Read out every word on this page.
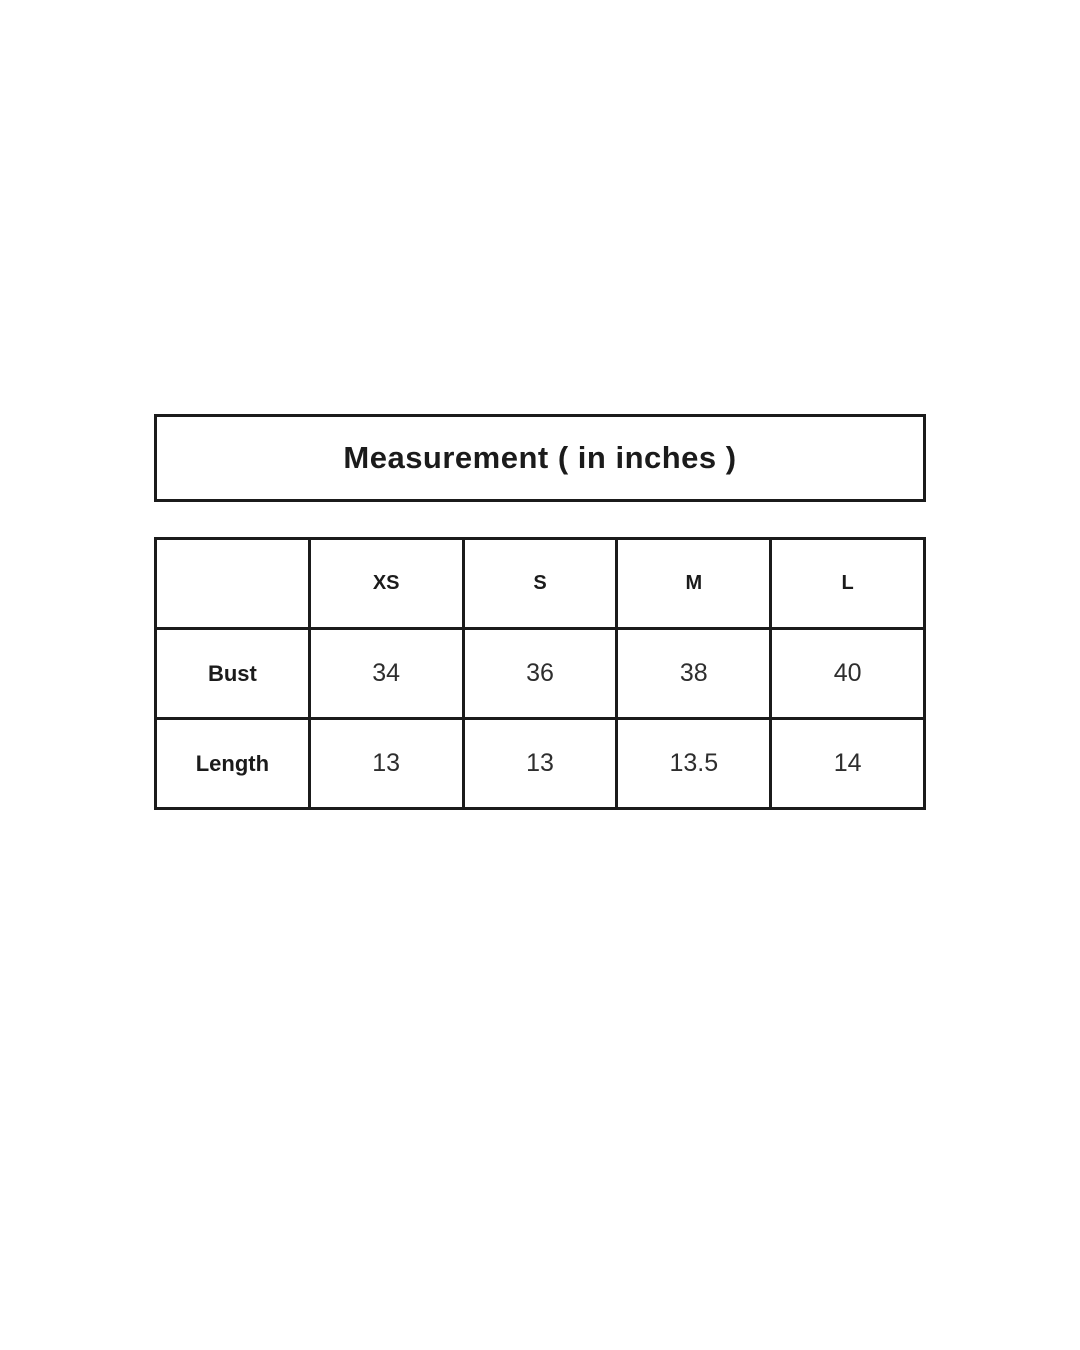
Measurement ( in inches )
	XS	S	M	L
Bust	34	36	38	40
Length	13	13	13.5	14
